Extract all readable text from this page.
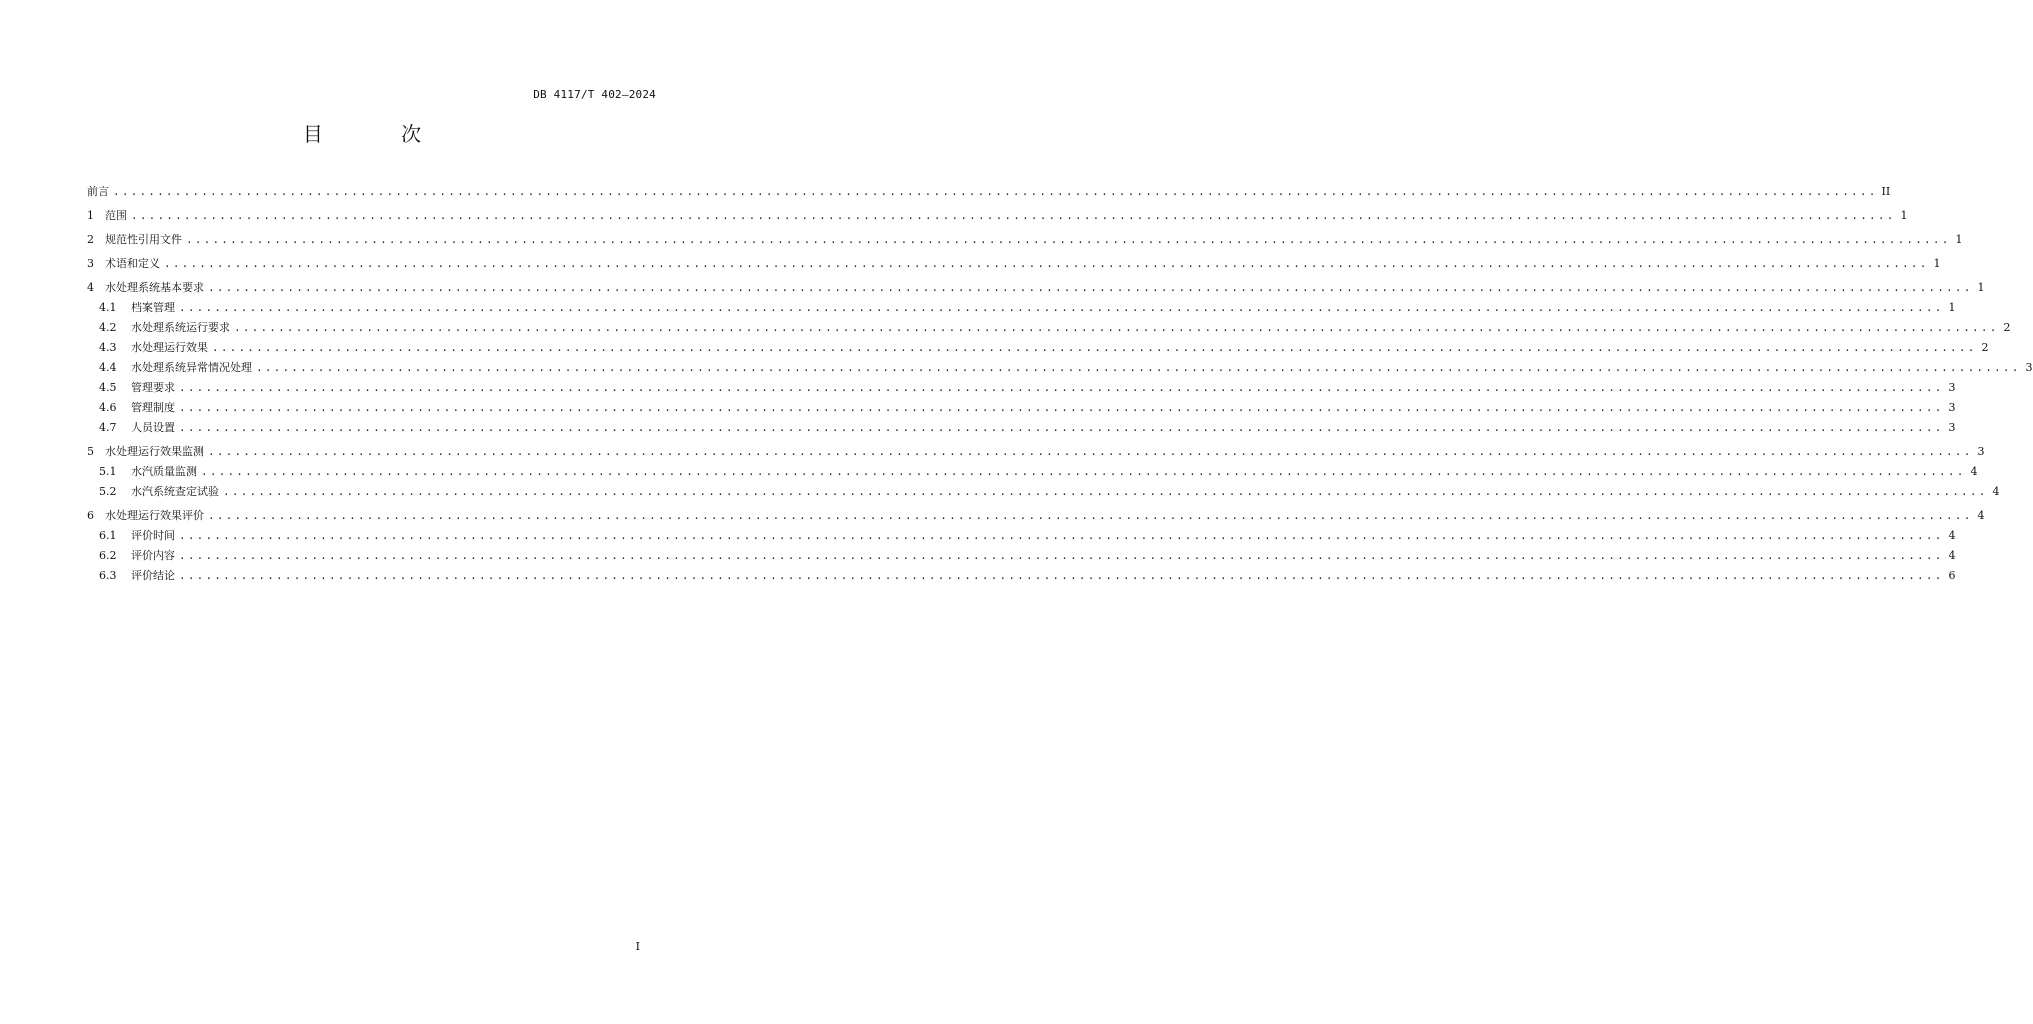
DB 4117/T 402—2024
目 次
前言 ........................................................................................................................................................................................................ II
1	范围 ........................................................................................................................................................................................................ 1
2	规范性引用文件 ........................................................................................................................................................................................................ 1
3	术语和定义 ........................................................................................................................................................................................................ 1
4	水处理系统基本要求 ........................................................................................................................................................................................................ 1
4.1	档案管理 ........................................................................................................................................................................................................ 1
4.2	水处理系统运行要求 ........................................................................................................................................................................................................ 2
4.3	水处理运行效果 ........................................................................................................................................................................................................ 2
4.4	水处理系统异常情况处理 ........................................................................................................................................................................................................ 3
4.5	管理要求 ........................................................................................................................................................................................................ 3
4.6	管理制度 ........................................................................................................................................................................................................ 3
4.7	人员设置 ........................................................................................................................................................................................................ 3
5	水处理运行效果监测 ........................................................................................................................................................................................................ 3
5.1	水汽质量监测 ........................................................................................................................................................................................................ 4
5.2	水汽系统查定试验 ........................................................................................................................................................................................................ 4
6	水处理运行效果评价 ........................................................................................................................................................................................................ 4
6.1	评价时间 ........................................................................................................................................................................................................ 4
6.2	评价内容 ........................................................................................................................................................................................................ 4
6.3	评价结论 ........................................................................................................................................................................................................ 6
I
